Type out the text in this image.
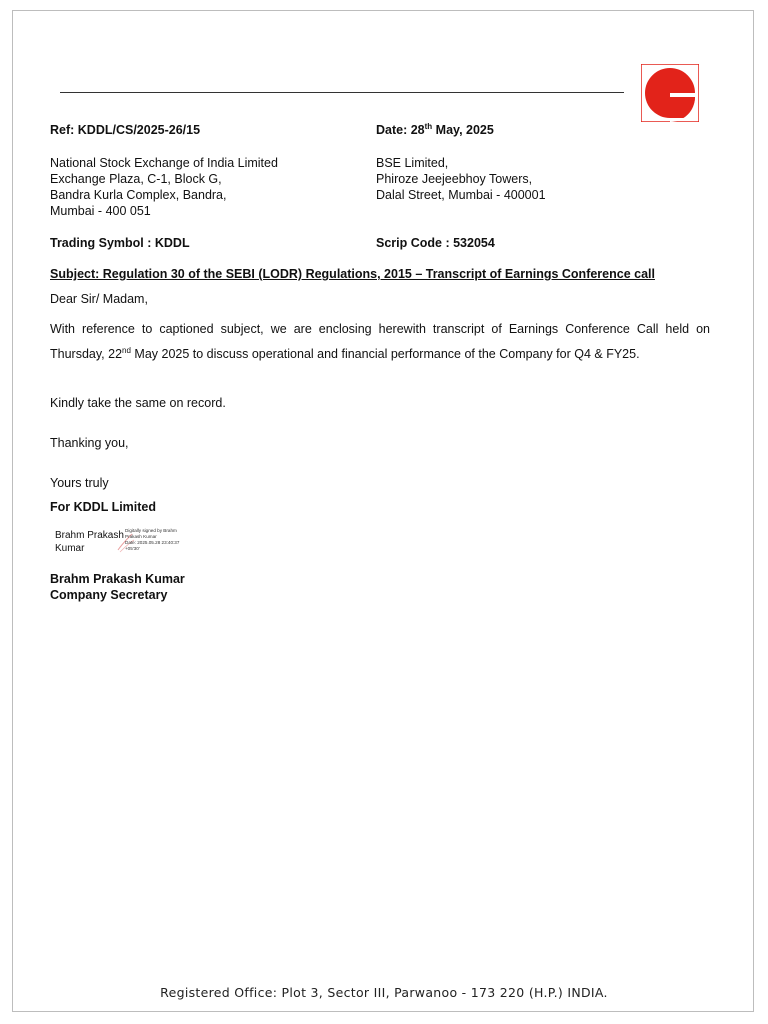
Ref: KDDL/CS/2025-26/15	Date: 28th May, 2025
National Stock Exchange of India Limited
Exchange Plaza, C-1, Block G,
Bandra Kurla Complex, Bandra,
Mumbai - 400 051
BSE Limited,
Phiroze Jeejeebhoy Towers,
Dalal Street, Mumbai - 400001
Trading Symbol : KDDL	Scrip Code : 532054
Subject: Regulation 30 of the SEBI (LODR) Regulations, 2015 – Transcript of Earnings Conference call
Dear Sir/ Madam,
With reference to captioned subject, we are enclosing herewith transcript of Earnings Conference Call held on Thursday, 22nd May 2025 to discuss operational and financial performance of the Company for Q4 & FY25.
Kindly take the same on record.
Thanking you,
Yours truly
For KDDL Limited
Brahm Prakash
Kumar
Digitally signed by Brahm
Prakash Kumar
Date: 2025.05.28 23:40:37
+05'30'
Brahm Prakash Kumar
Company Secretary
Registered Office: Plot 3, Sector III, Parwanoo - 173 220 (H.P.) INDIA.
